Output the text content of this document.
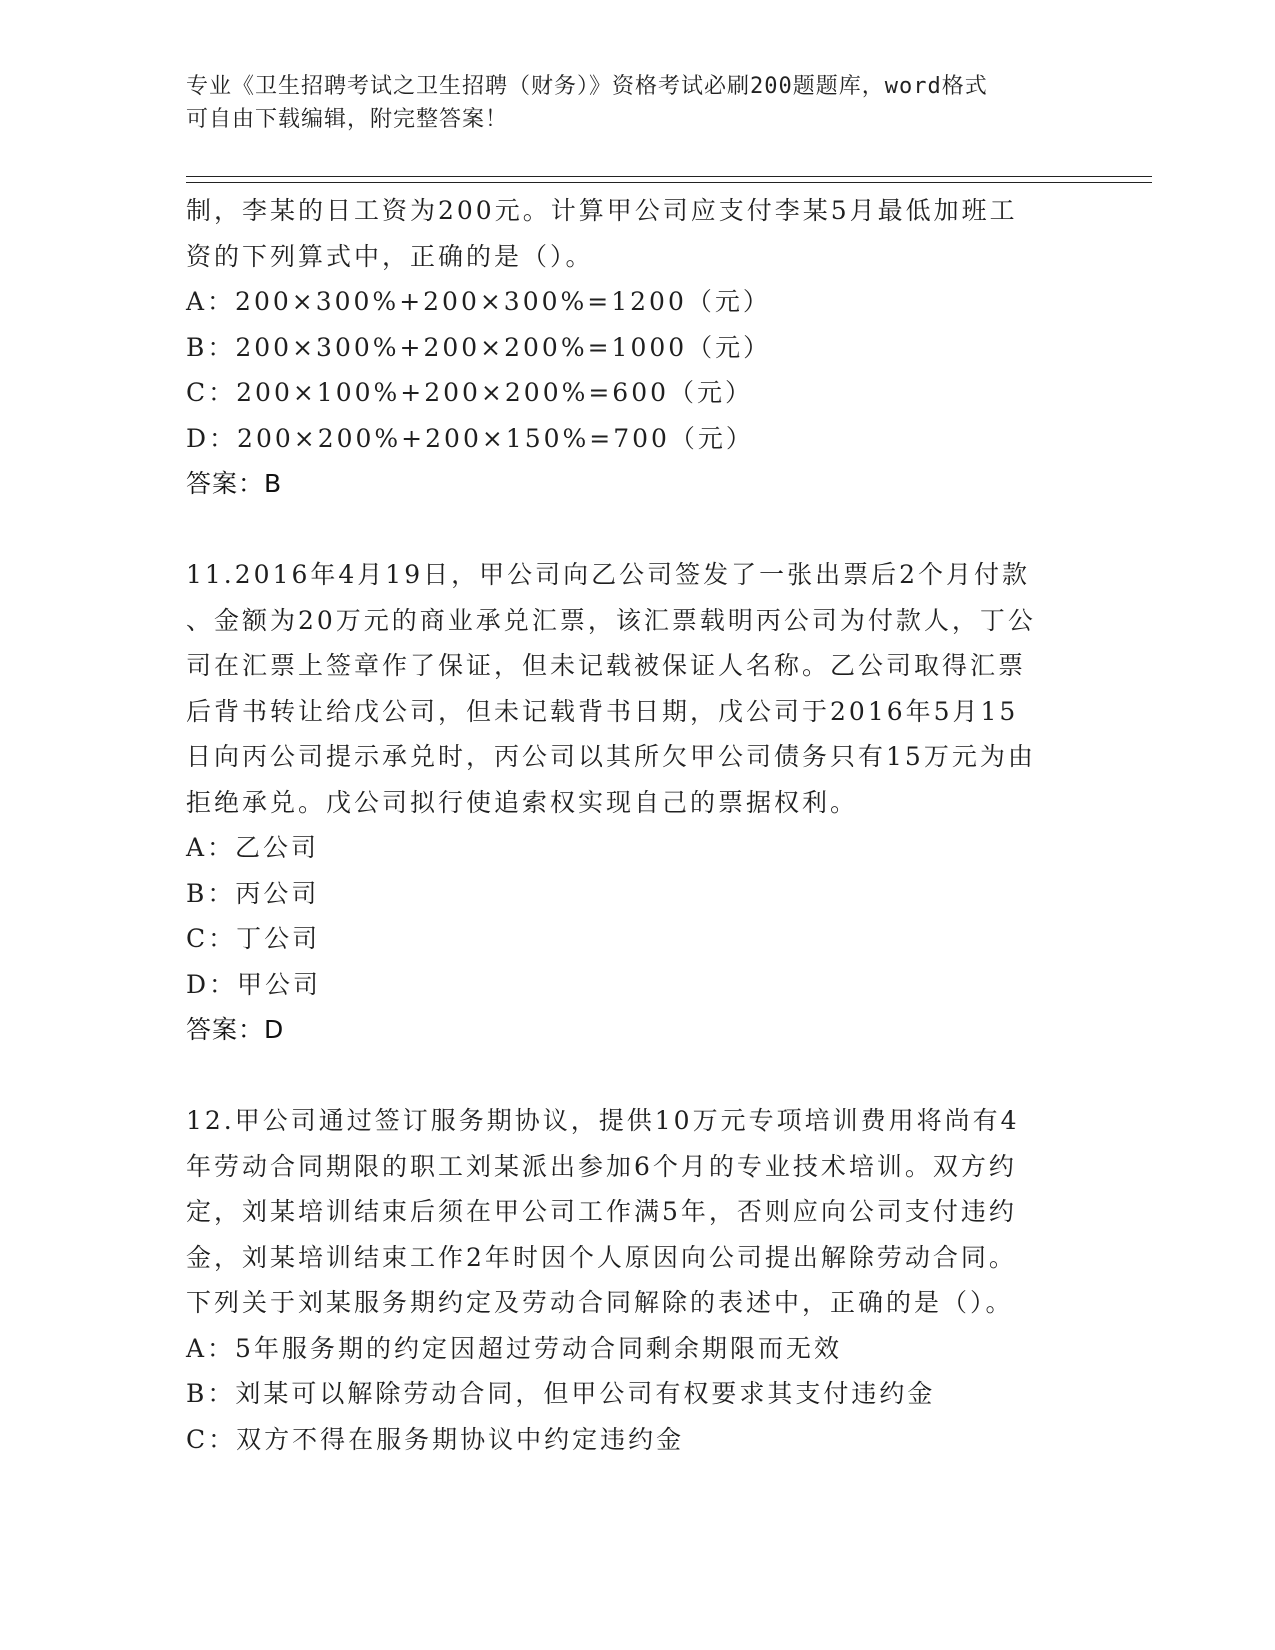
专业《卫生招聘考试之卫生招聘（财务）》资格考试必刷200题题库，word格式
可自由下载编辑，附完整答案！
制，李某的日工资为200元。计算甲公司应支付李某5月最低加班工
资的下列算式中，正确的是（）。
A：200×300%+200×300%=1200（元）
B：200×300%+200×200%=1000（元）
C：200×100%+200×200%=600（元）
D：200×200%+200×150%=700（元）
答案：B
11.2016年4月19日，甲公司向乙公司签发了一张出票后2个月付款
、金额为20万元的商业承兑汇票，该汇票载明丙公司为付款人，丁公
司在汇票上签章作了保证，但未记载被保证人名称。乙公司取得汇票
后背书转让给戊公司，但未记载背书日期，戊公司于2016年5月15
日向丙公司提示承兑时，丙公司以其所欠甲公司债务只有15万元为由
拒绝承兑。戊公司拟行使追索权实现自己的票据权利。
A：乙公司
B：丙公司
C：丁公司
D：甲公司
答案：D
12.甲公司通过签订服务期协议，提供10万元专项培训费用将尚有4
年劳动合同期限的职工刘某派出参加6个月的专业技术培训。双方约
定，刘某培训结束后须在甲公司工作满5年，否则应向公司支付违约
金，刘某培训结束工作2年时因个人原因向公司提出解除劳动合同。
下列关于刘某服务期约定及劳动合同解除的表述中，正确的是（）。
A：5年服务期的约定因超过劳动合同剩余期限而无效
B：刘某可以解除劳动合同，但甲公司有权要求其支付违约金
C：双方不得在服务期协议中约定违约金
